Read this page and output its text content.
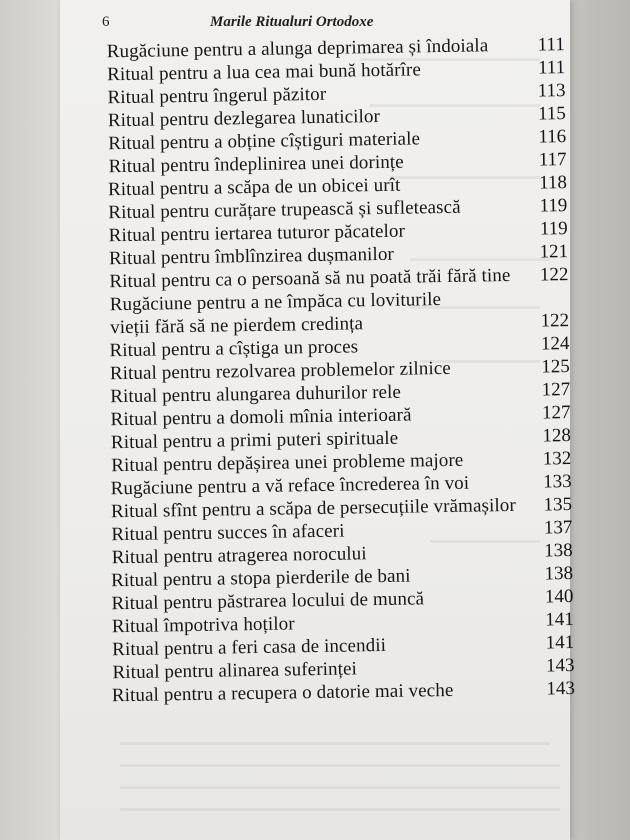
6	Marile Ritualuri Ortodoxe
Rugăciune pentru a alunga deprimarea și îndoiala	111
Ritual pentru a lua cea mai bună hotărîre	111
Ritual pentru îngerul păzitor	113
Ritual pentru dezlegarea lunaticilor	115
Ritual pentru a obține cîștiguri materiale	116
Ritual pentru îndeplinirea unei dorințe	117
Ritual pentru a scăpa de un obicei urît	118
Ritual pentru curățare trupească și sufletească	119
Ritual pentru iertarea tuturor păcatelor	119
Ritual pentru îmblînzirea dușmanilor	121
Ritual pentru ca o persoană să nu poată trăi fără tine 122
Rugăciune pentru a ne împăca cu loviturile
vieții fără să ne pierdem credința	122
Ritual pentru a cîștiga un proces	124
Ritual pentru rezolvarea problemelor zilnice	125
Ritual pentru alungarea duhurilor rele	127
Ritual pentru a domoli mînia interioară	127
Ritual pentru a primi puteri spirituale	128
Ritual pentru depășirea unei probleme majore	132
Rugăciune pentru a vă reface încrederea în voi	133
Ritual sfînt pentru a scăpa de persecuțiile vrămașilor 135
Ritual pentru succes în afaceri	137
Ritual pentru atragerea norocului	138
Ritual pentru a stopa pierderile de bani	138
Ritual pentru păstrarea locului de muncă	140
Ritual împotriva hoților	141
Ritual pentru a feri casa de incendii	141
Ritual pentru alinarea suferinței	143
Ritual pentru a recupera o datorie mai veche	143
